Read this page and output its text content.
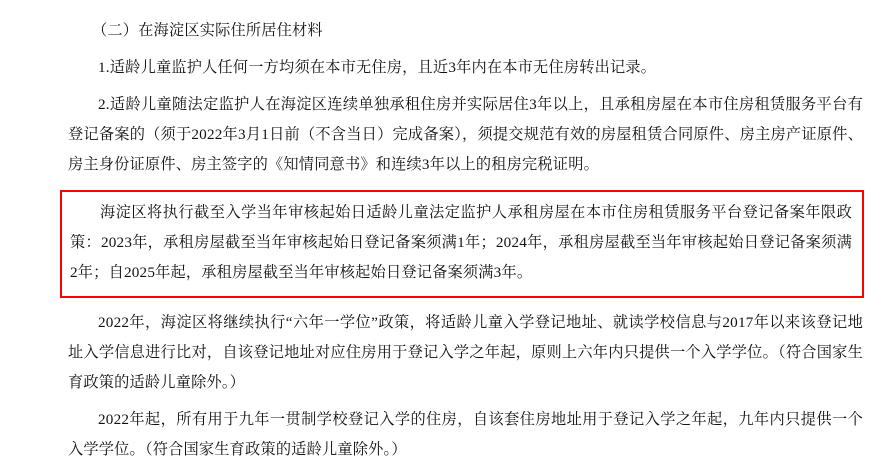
（二）在海淀区实际住所居住材料

1.适龄儿童监护人任何一方均须在本市无住房，且近3年内在本市无住房转出记录。

2.适龄儿童随法定监护人在海淀区连续单独承租住房并实际居住3年以上，且承租房屋在本市住房租赁服务平台有登记备案的（须于2022年3月1日前（不含当日）完成备案），须提交规范有效的房屋租赁合同原件、房主房产证原件、房主身份证原件、房主签字的《知情同意书》和连续3年以上的租房完税证明。

海淀区将执行截至入学当年审核起始日适龄儿童法定监护人承租房屋在本市住房租赁服务平台登记备案年限政策：2023年，承租房屋截至当年审核起始日登记备案须满1年；2024年，承租房屋截至当年审核起始日登记备案须满2年；自2025年起，承租房屋截至当年审核起始日登记备案须满3年。

2022年，海淀区将继续执行“六年一学位”政策，将适龄儿童入学登记地址、就读学校信息与2017年以来该登记地址入学信息进行比对，自该登记地址对应住房用于登记入学之年起，原则上六年内只提供一个入学学位。（符合国家生育政策的适龄儿童除外。）

2022年起，所有用于九年一贯制学校登记入学的住房，自该套住房地址用于登记入学之年起，九年内只提供一个入学学位。（符合国家生育政策的适龄儿童除外。）
